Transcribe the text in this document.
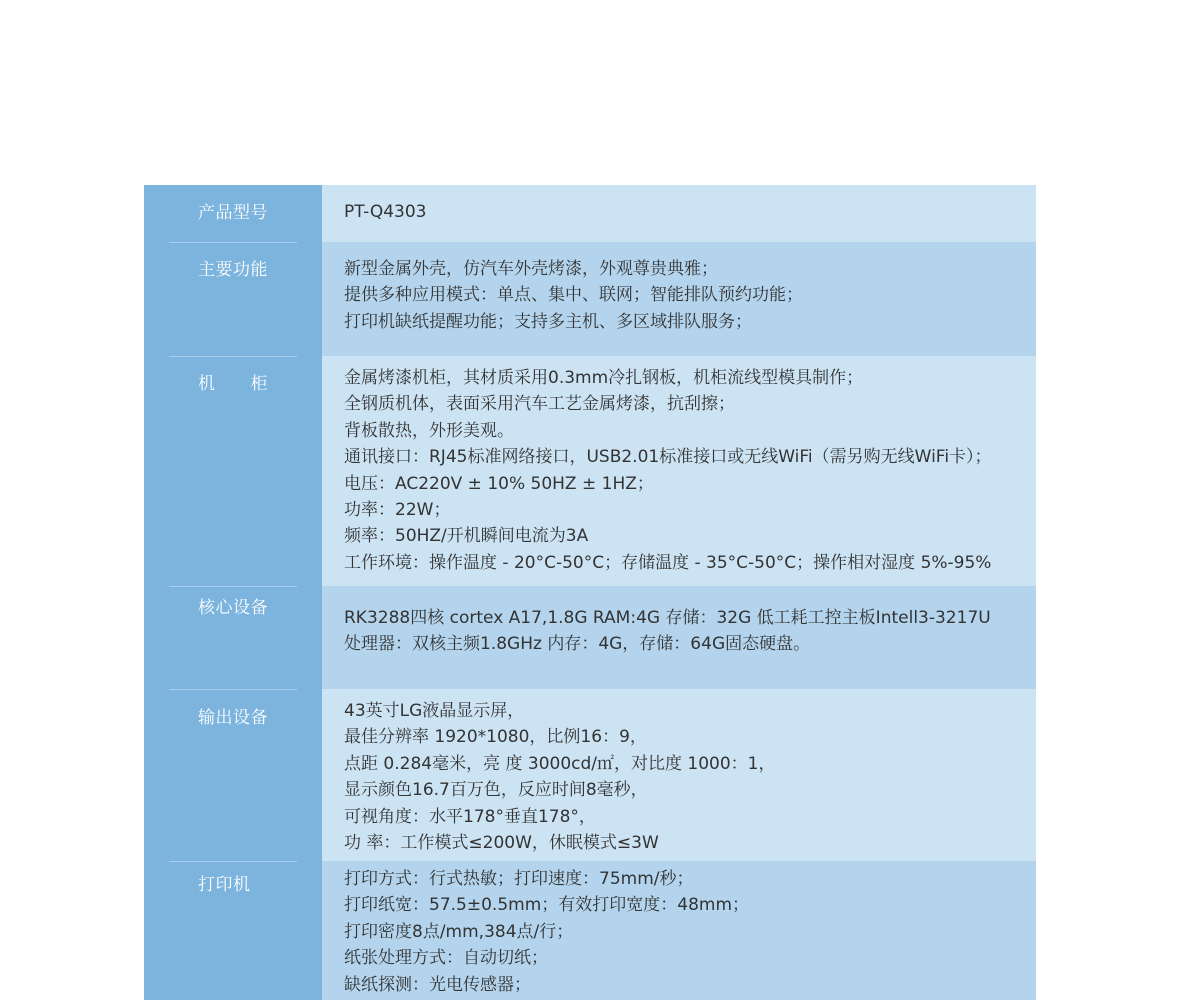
产品型号	PT-Q4303
主要功能	新型金属外壳，仿汽车外壳烤漆，外观尊贵典雅；
提供多种应用模式：单点、集中、联网；智能排队预约功能；
打印机缺纸提醒功能；支持多主机、多区域排队服务；
机　　柜	金属烤漆机柜，其材质采用0.3mm冷扎钢板，机柜流线型模具制作；
全钢质机体，表面采用汽车工艺金属烤漆，抗刮擦；
背板散热，外形美观。
通讯接口：RJ45标准网络接口，USB2.01标准接口或无线WiFi（需另购无线WiFi卡）；
电压：AC220V ± 10% 50HZ ± 1HZ；
功率：22W；
频率：50HZ/开机瞬间电流为3A
工作环境：操作温度 - 20°C-50°C；存储温度 - 35°C-50°C；操作相对湿度 5%-95%
核心设备	RK3288四核 cortex A17,1.8G RAM:4G 存储：32G 低工耗工控主板Intell3-3217U
处理器：双核主频1.8GHz 内存：4G，存储：64G固态硬盘。
输出设备	43英寸LG液晶显示屏，
最佳分辨率 1920*1080，比例16：9，
点距 0.284毫米，亮 度 3000cd/㎡，对比度 1000：1，
显示颜色16.7百万色，反应时间8毫秒，
可视角度：水平178°垂直178°，
功 率：工作模式≤200W，休眠模式≤3W
打印机	打印方式：行式热敏；打印速度：75mm/秒；
打印纸宽：57.5±0.5mm；有效打印宽度：48mm；
打印密度8点/mm,384点/行；
纸张处理方式：自动切纸；
缺纸探测：光电传感器；
